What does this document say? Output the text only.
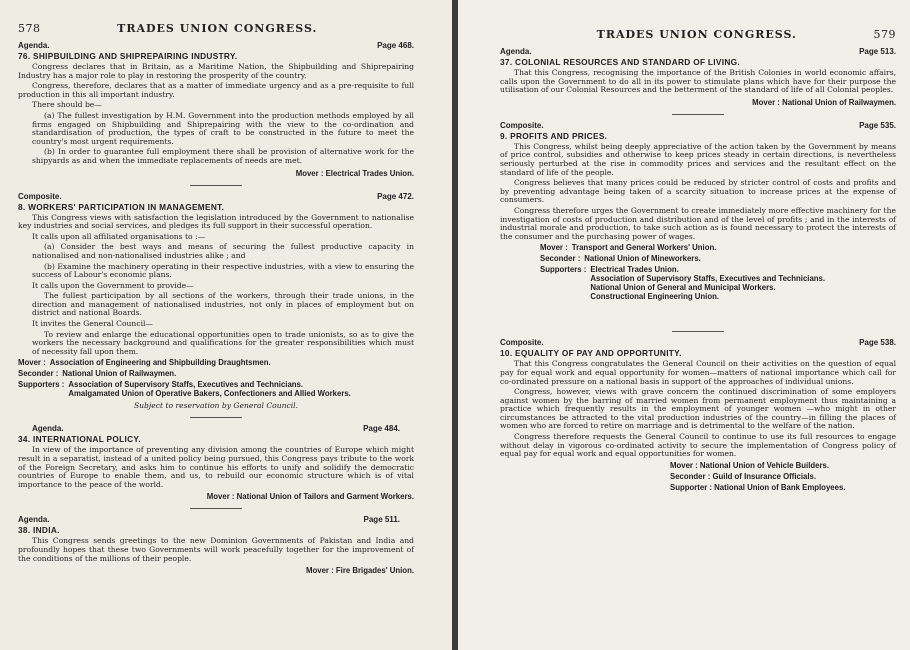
578	TRADES UNION CONGRESS.
Agenda.	Page 468.
76. SHIPBUILDING AND SHIPREPAIRING INDUSTRY.

Congress declares that in Britain, as a Maritime Nation, the Shipbuilding and Shiprepairing Industry has a major role to play in restoring the prosperity of the country.

Congress, therefore, declares that as a matter of immediate urgency and as a pre-requisite to full production in this all important industry.

There should be—

(a) The fullest investigation by H.M. Government into the production methods employed by all firms engaged on Shipbuilding and Shiprepairing with the view to the co-ordination and standardisation of production, the types of craft to be constructed in the future to meet the country's most urgent requirements.

(b) In order to guarantee full employment there shall be provision of alternative work for the shipyards as and when the immediate replacements of needs are met.

Mover : Electrical Trades Union.
Composite.	Page 472.
8. WORKERS' PARTICIPATION IN MANAGEMENT.

This Congress views with satisfaction the legislation introduced by the Government to nationalise key industries and social services, and pledges its full support in their successful operation.

It calls upon all affiliated organisations to :—

(a) Consider the best ways and means of securing the fullest productive capacity in nationalised and non-nationalised industries alike ; and

(b) Examine the machinery operating in their respective industries, with a view to ensuring the success of Labour's economic plans.

It calls upon the Government to provide—

The fullest participation by all sections of the workers, through their trade unions, in the direction and management of nationalised industries, not only in places of employment but on district and national Boards.

It invites the General Council—

To review and enlarge the educational opportunities open to trade unionists, so as to give the workers the necessary background and qualifications for the greater responsibilities which must of necessity fall upon them.

Mover : Association of Engineering and Shipbuilding Draughtsmen.
Seconder : National Union of Railwaymen.
Supporters : Association of Supervisory Staffs, Executives and Technicians.
Amalgamated Union of Operative Bakers, Confectioners and Allied Workers.
Subject to reservation by General Council.
Agenda.	Page 484.
34. INTERNATIONAL POLICY.

In view of the importance of preventing any division among the countries of Europe which might result in a separatist, instead of a united policy being pursued, this Congress pays tribute to the work of the Foreign Secretary, and asks him to continue his efforts to unify and solidify the democratic countries of Europe to enable them, and us, to rebuild our economic structure which is of vital importance to the peace of the world.

Mover : National Union of Tailors and Garment Workers.
Agenda.	Page 511.
38. INDIA.

This Congress sends greetings to the new Dominion Governments of Pakistan and India and profoundly hopes that these two Governments will work peacefully together for the improvement of the conditions of the millions of their people.

Mover : Fire Brigades' Union.
TRADES UNION CONGRESS.	579
Agenda.	Page 513.
37. COLONIAL RESOURCES AND STANDARD OF LIVING.

That this Congress, recognising the importance of the British Colonies in world economic affairs, calls upon the Government to do all in its power to stimulate plans which have for their purpose the utilisation of our Colonial Resources and the betterment of the standard of life of all Colonial peoples.

Mover : National Union of Railwaymen.
Composite.	Page 535.
9. PROFITS AND PRICES.

This Congress, whilst being deeply appreciative of the action taken by the Government by means of price control, subsidies and otherwise to keep prices steady in certain directions, is nevertheless seriously perturbed at the rise in commodity prices and services and the resultant effect on the standard of life of the people.

Congress believes that many prices could be reduced by stricter control of costs and profits and by preventing advantage being taken of a scarcity situation to increase prices at the expense of consumers.

Congress therefore urges the Government to create immediately more effective machinery for the investigation of costs of production and distribution and of the level of profits ; and in the interests of industrial morale and production, to take such action as is found necessary to protect the interests of the consumer and the purchasing power of wages.

Mover : Transport and General Workers' Union.
Seconder : National Union of Mineworkers.
Supporters : Electrical Trades Union.
Association of Supervisory Staffs, Executives and Technicians.
National Union of General and Municipal Workers.
Constructional Engineering Union.
Composite.	Page 538.
10. EQUALITY OF PAY AND OPPORTUNITY.

That this Congress congratulates the General Council on their activities on the question of equal pay for equal work and equal opportunity for women—matters of national importance which call for co-ordinated pressure on a national basis in support of the approaches of individual unions.

Congress, however, views with grave concern the continued discrimination of some employers against women by the barring of married women from permanent employment thus maintaining a practice which frequently results in the employment of younger women —who might in other circumstances be attracted to the vital production industries of the country—in filling the places of women who are forced to retire on marriage and is detrimental to the welfare of the nation.

Congress therefore requests the General Council to continue to use its full resources to engage without delay in vigorous co-ordinated activity to secure the implementation of Congress policy of equal pay for equal work and equal opportunities for women.

Mover : National Union of Vehicle Builders.
Seconder : Guild of Insurance Officials.
Supporter : National Union of Bank Employees.
